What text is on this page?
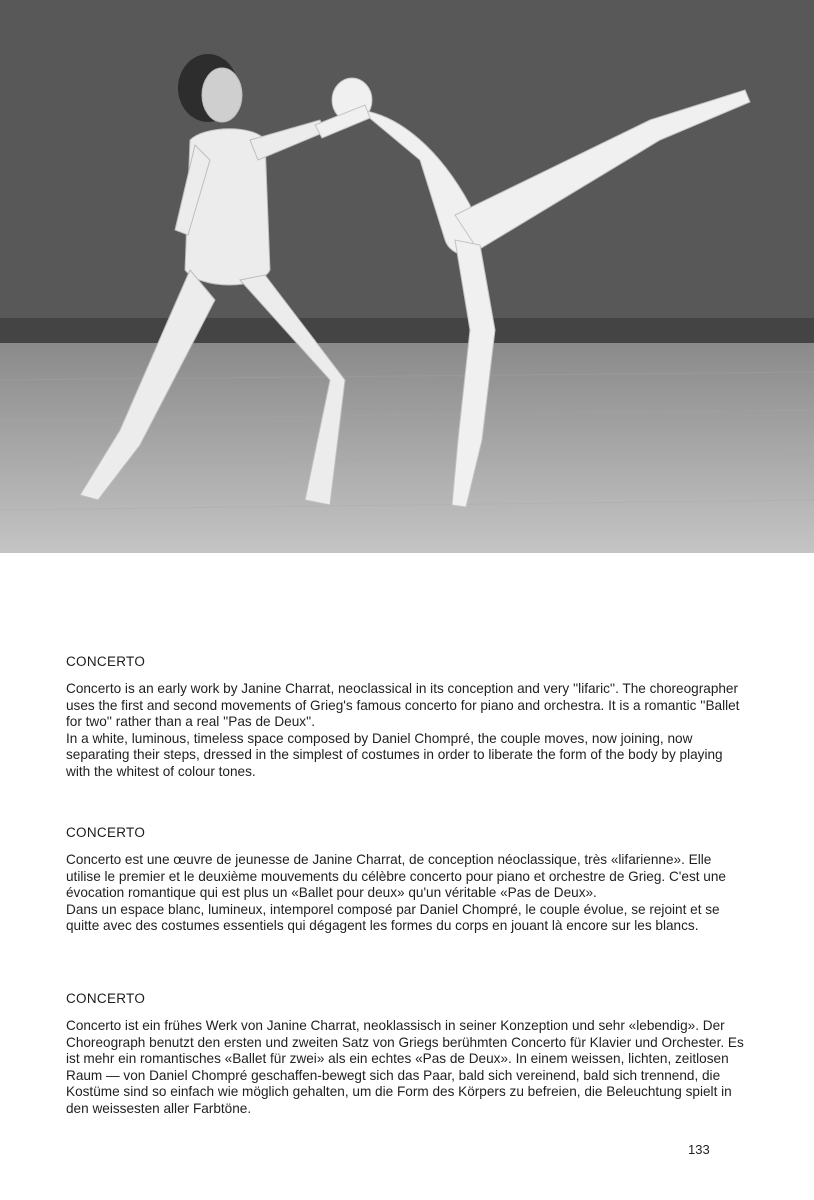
CONCERTO

Concerto is an early work by Janine Charrat, neoclassical in its conception and very ''lifaric''. The choreographer uses the first and second movements of Grieg's famous concerto for piano and orchestra. It is a romantic ''Ballet for two'' rather than a real ''Pas de Deux''.

In a white, luminous, timeless space composed by Daniel Chompré, the couple moves, now joining, now separating their steps, dressed in the simplest of costumes in order to liberate the form of the body by playing with the whitest of colour tones.

CONCERTO

Concerto est une œuvre de jeunesse de Janine Charrat, de conception néoclassique, très «lifarienne». Elle utilise le premier et le deuxième mouvements du célèbre concerto pour piano et orchestre de Grieg. C'est une évocation romantique qui est plus un «Ballet pour deux» qu'un véritable «Pas de Deux».

Dans un espace blanc, lumineux, intemporel composé par Daniel Chompré, le couple évolue, se rejoint et se quitte avec des costumes essentiels qui dégagent les formes du corps en jouant là encore sur les blancs.

CONCERTO

Concerto ist ein frühes Werk von Janine Charrat, neoklassisch in seiner Konzeption und sehr «lebendig». Der Choreograph benutzt den ersten und zweiten Satz von Griegs berühmten Concerto für Klavier und Orchester. Es ist mehr ein romantisches «Ballet für zwei» als ein echtes «Pas de Deux». In einem weissen, lichten, zeitlosen Raum — von Daniel Chompré geschaffen-bewegt sich das Paar, bald sich vereinend, bald sich trennend, die Kostüme sind so einfach wie möglich gehalten, um die Form des Körpers zu befreien, die Beleuchtung spielt in den weissesten aller Farbtöne.

133
